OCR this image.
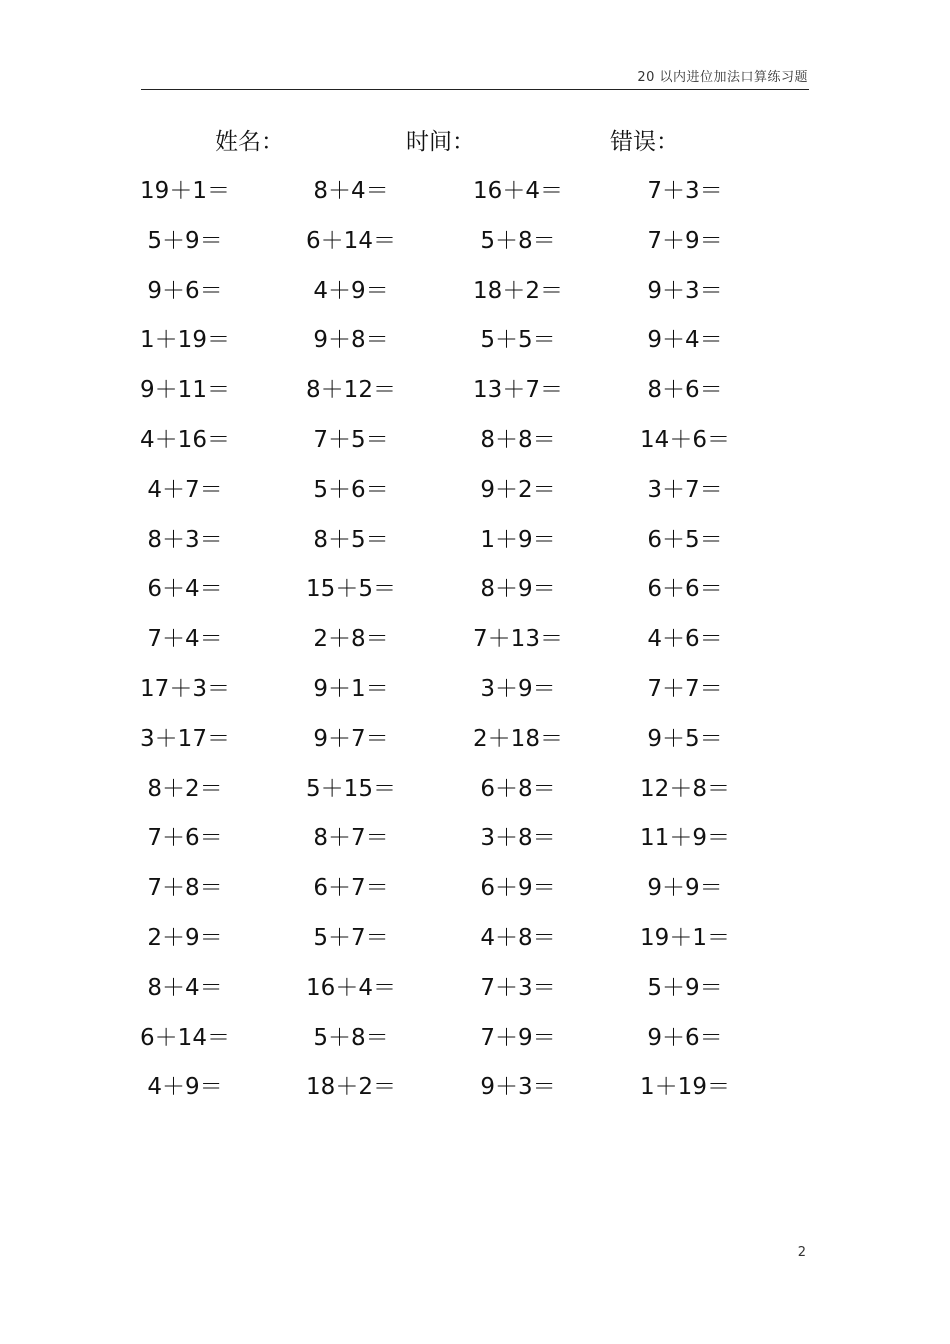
20 以内进位加法口算练习题
姓名：	时间：	错误：
19＋1＝	8＋4＝	16＋4＝	7＋3＝
5＋9＝	6＋14＝	5＋8＝	7＋9＝
9＋6＝	4＋9＝	18＋2＝	9＋3＝
1＋19＝	9＋8＝	5＋5＝	9＋4＝
9＋11＝	8＋12＝	13＋7＝	8＋6＝
4＋16＝	7＋5＝	8＋8＝	14＋6＝
4＋7＝	5＋6＝	9＋2＝	3＋7＝
8＋3＝	8＋5＝	1＋9＝	6＋5＝
6＋4＝	15＋5＝	8＋9＝	6＋6＝
7＋4＝	2＋8＝	7＋13＝	4＋6＝
17＋3＝	9＋1＝	3＋9＝	7＋7＝
3＋17＝	9＋7＝	2＋18＝	9＋5＝
8＋2＝	5＋15＝	6＋8＝	12＋8＝
7＋6＝	8＋7＝	3＋8＝	11＋9＝
7＋8＝	6＋7＝	6＋9＝	9＋9＝
2＋9＝	5＋7＝	4＋8＝	19＋1＝
8＋4＝	16＋4＝	7＋3＝	5＋9＝
6＋14＝	5＋8＝	7＋9＝	9＋6＝
4＋9＝	18＋2＝	9＋3＝	1＋19＝
2
